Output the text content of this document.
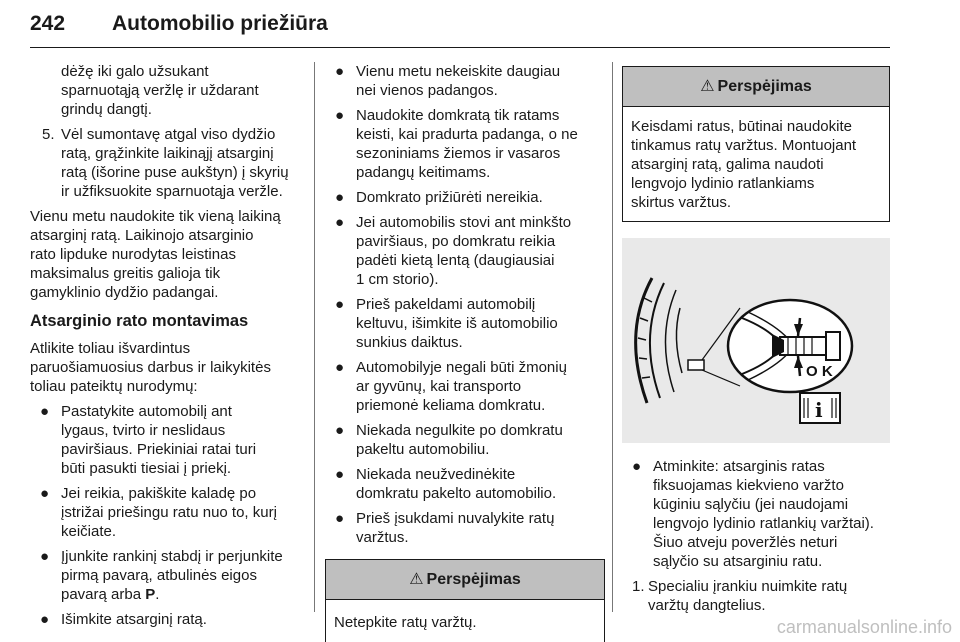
242 Automobilio priežiūra

dėžę iki galo užsukant
sparnuotąją veržlę ir uždarant
grindų dangtį.

5. Vėl sumontavę atgal viso dydžio
ratą, grąžinkite laikinąjį atsarginį
ratą (išorine puse aukštyn) į skyrių
ir užfiksuokite sparnuotąja veržle.

Vienu metu naudokite tik vieną laikiną
atsarginį ratą. Laikinojo atsarginio
rato lipduke nurodytas leistinas
maksimalus greitis galioja tik
gamyklinio dydžio padangai.

Atsarginio rato montavimas

Atlikite toliau išvardintus
paruošiamuosius darbus ir laikykitės
toliau pateiktų nurodymų:

● Pastatykite automobilį ant
lygaus, tvirto ir neslidaus
paviršiaus. Priekiniai ratai turi
būti pasukti tiesiai į priekį.
● Jei reikia, pakiškite kaladę po
įstrižai priešingu ratu nuo to, kurį
keičiate.
● Įjunkite rankinį stabdį ir perjunkite
pirmą pavarą, atbulinės eigos
pavarą arba P.
● Išimkite atsarginį ratą.
● Vienu metu nekeiskite daugiau
nei vienos padangos.
● Naudokite domkratą tik ratams
keisti, kai pradurta padanga, o ne
sezoniniams žiemos ir vasaros
padangų keitimams.
● Domkrato prižiūrėti nereikia.
● Jei automobilis stovi ant minkšto
paviršiaus, po domkratu reikia
padėti kietą lentą (daugiausiai
1 cm storio).
● Prieš pakeldami automobilį
keltuvu, išimkite iš automobilio
sunkius daiktus.
● Automobilyje negali būti žmonių
ar gyvūnų, kai transporto
priemonė keliama domkratu.
● Niekada negulkite po domkratu
pakeltu automobiliu.
● Niekada neužvedinėkite
domkratu pakelto automobilio.
● Prieš įsukdami nuvalykite ratų
varžtus.
⚠ Perspėjimas
Netepkite ratų varžtų.
⚠ Perspėjimas
Keisdami ratus, būtinai naudokite
tinkamus ratų varžtus. Montuojant
atsarginį ratą, galima naudoti
lengvojo lydinio ratlankiams
skirtus varžtus.
O K
i
● Atminkite: atsarginis ratas
fiksuojamas kiekvieno varžto
kūginiu sąlyčiu (jei naudojami
lengvojo lydinio ratlankių varžtai).
Šiuo atveju poveržlės neturi
sąlyčio su atsarginiu ratu.
1. Specialiu įrankiu nuimkite ratų
varžtų dangtelius.
carmanualsonline.info
